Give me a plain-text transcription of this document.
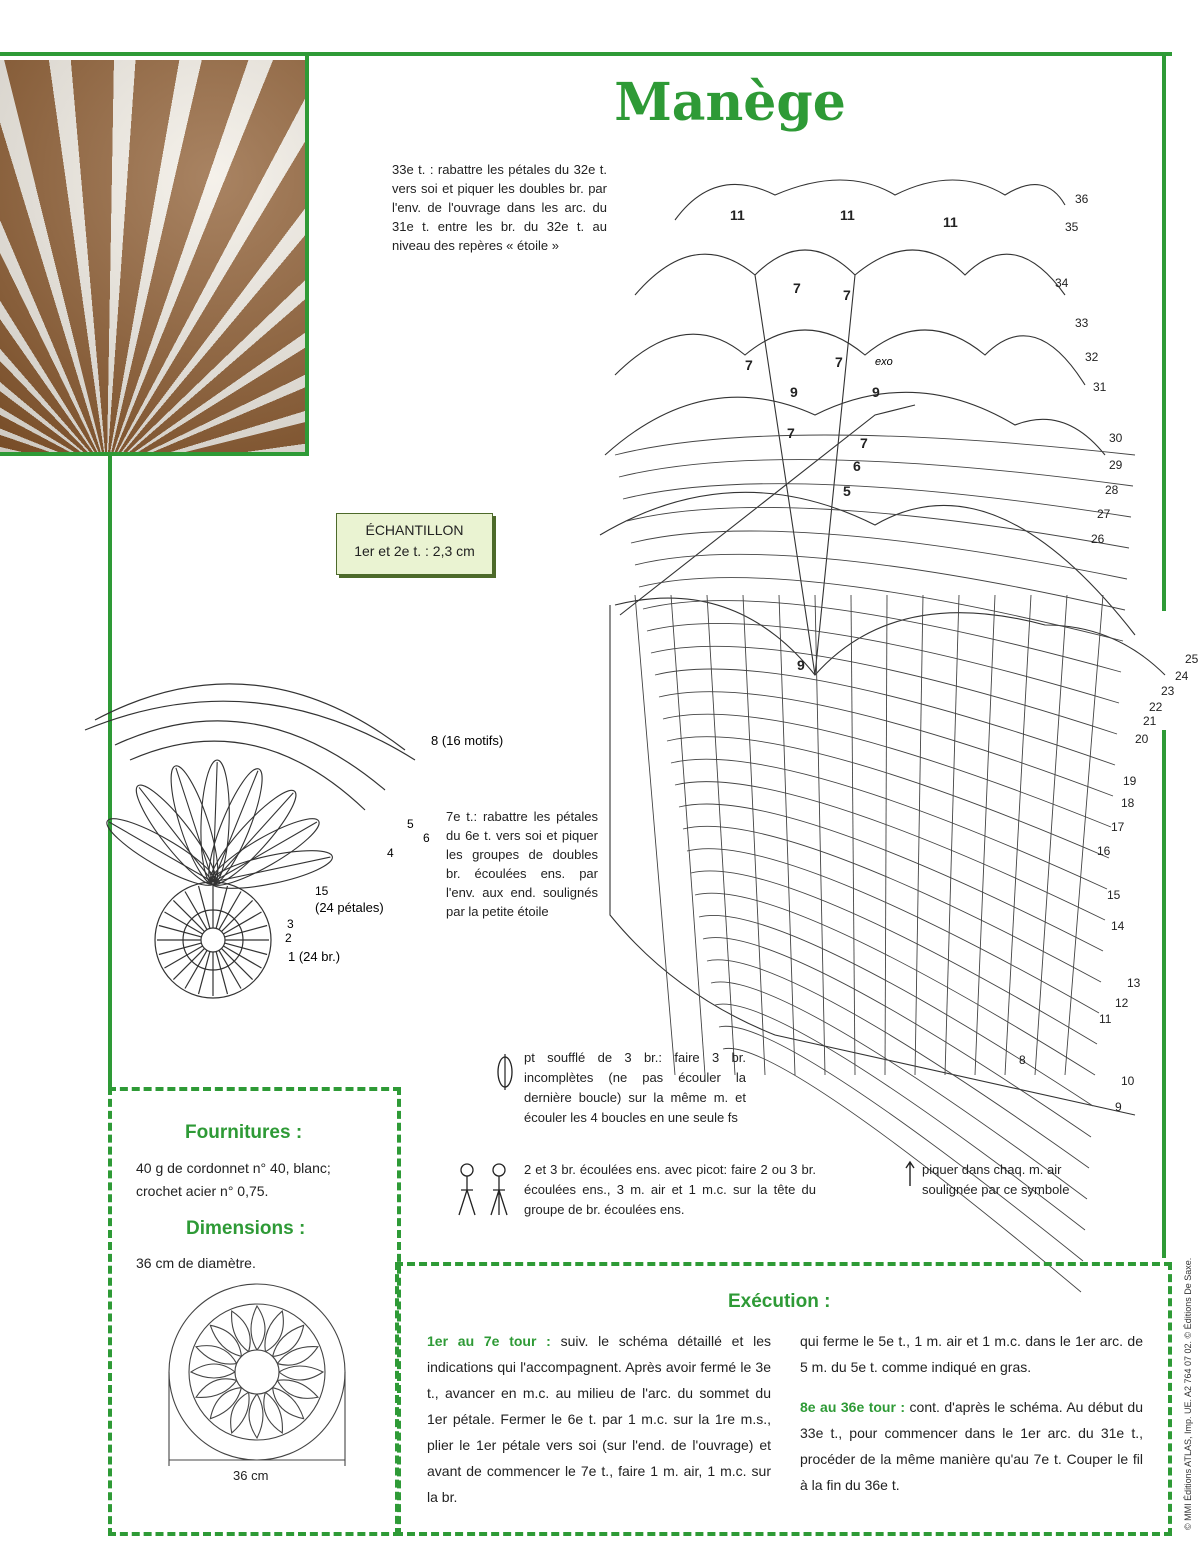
Manège
33e t. : rabattre les pétales du 32e t. vers soi et piquer les doubles br. par l'env. de l'ouvrage dans les arc. du 31e t. entre les br. du 32e t. au niveau des repères « étoile »
7e t.: rabattre les pétales du 6e t. vers soi et piquer les groupes de doubles br. écoulées ens. par l'env. aux end. soulignés par la petite étoile
ÉCHANTILLON
1er et 2e t. : 2,3 cm
8 (16 motifs)
6
5
4
3
2
1 (24 br.)
15
(24 pétales)
36
35
34
33
32
31
30
29
28
27
26
25
24
23
22
21
20
19
18
17
16
15
14
13
12
11
10
9
8
11	11	11
7	7
7	7
9	9
7
7
6
5
9
exo
pt soufflé de 3 br.: faire 3 br. incomplètes (ne pas écouler la dernière boucle) sur la même m. et écouler les 4 boucles en une seule fs
2 et 3 br. écoulées ens. avec picot: faire 2 ou 3 br. écoulées ens., 3 m. air et 1 m.c. sur la tête du groupe de br. écoulées ens.
piquer dans chaq. m. air soulignée par ce symbole
Fournitures :
40 g de cordonnet n° 40, blanc; crochet acier n° 0,75.
Dimensions :
36 cm de diamètre.
36 cm
Exécution :
1er au 7e tour : suiv. le schéma détaillé et les indications qui l'accompagnent. Après avoir fermé le 3e t., avancer en m.c. au milieu de l'arc. du sommet du 1er pétale. Fermer le 6e t. par 1 m.c. sur la 1re m.s., plier le 1er pétale vers soi (sur l'end. de l'ouvrage) et avant de commencer le 7e t., faire 1 m. air, 1 m.c. sur la br.
qui ferme le 5e t., 1 m. air et 1 m.c. dans le 1er arc. de 5 m. du 5e t. comme indiqué en gras.
8e au 36e tour : cont. d'après le schéma. Au début du 33e t., pour commencer dans le 1er arc. du 31e t., procéder de la même manière qu'au 7e t. Couper le fil à la fin du 36e t.	© MMI Éditions ATLAS, Imp. UE. A2 764 07 02. © Éditions De Saxe.
